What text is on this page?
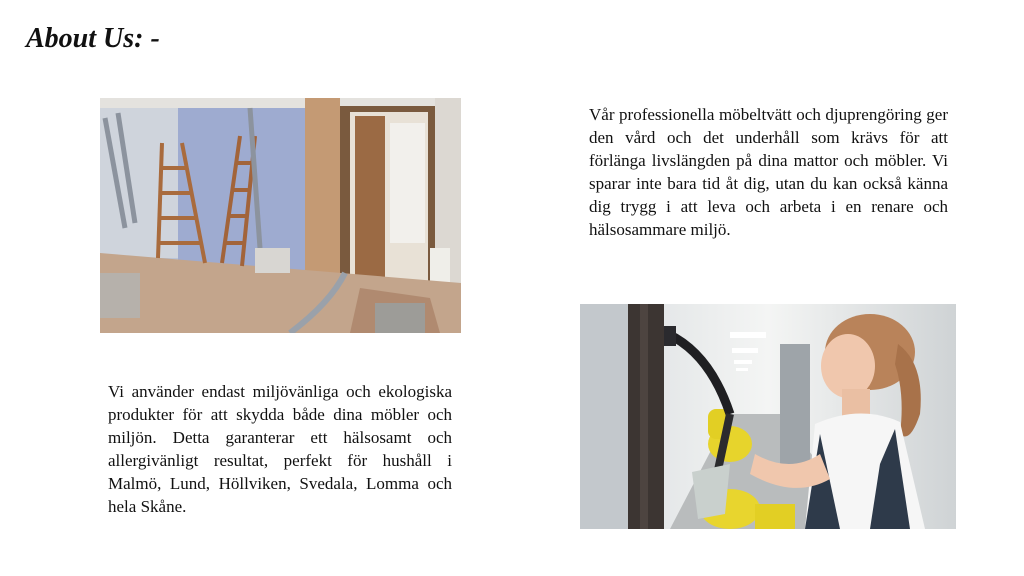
About Us: -

Vår professionella möbeltvätt och djuprengöring ger den vård och det underhåll som krävs för att förlänga livslängden på dina mattor och möbler. Vi sparar inte bara tid åt dig, utan du kan också känna dig trygg i att leva och arbeta i en renare och hälsosammare miljö.

Vi använder endast miljövänliga och ekologiska produkter för att skydda både dina möbler och miljön. Detta garanterar ett hälsosamt och allergivänligt resultat, perfekt för hushåll i Malmö, Lund, Höllviken, Svedala, Lomma och hela Skåne.
